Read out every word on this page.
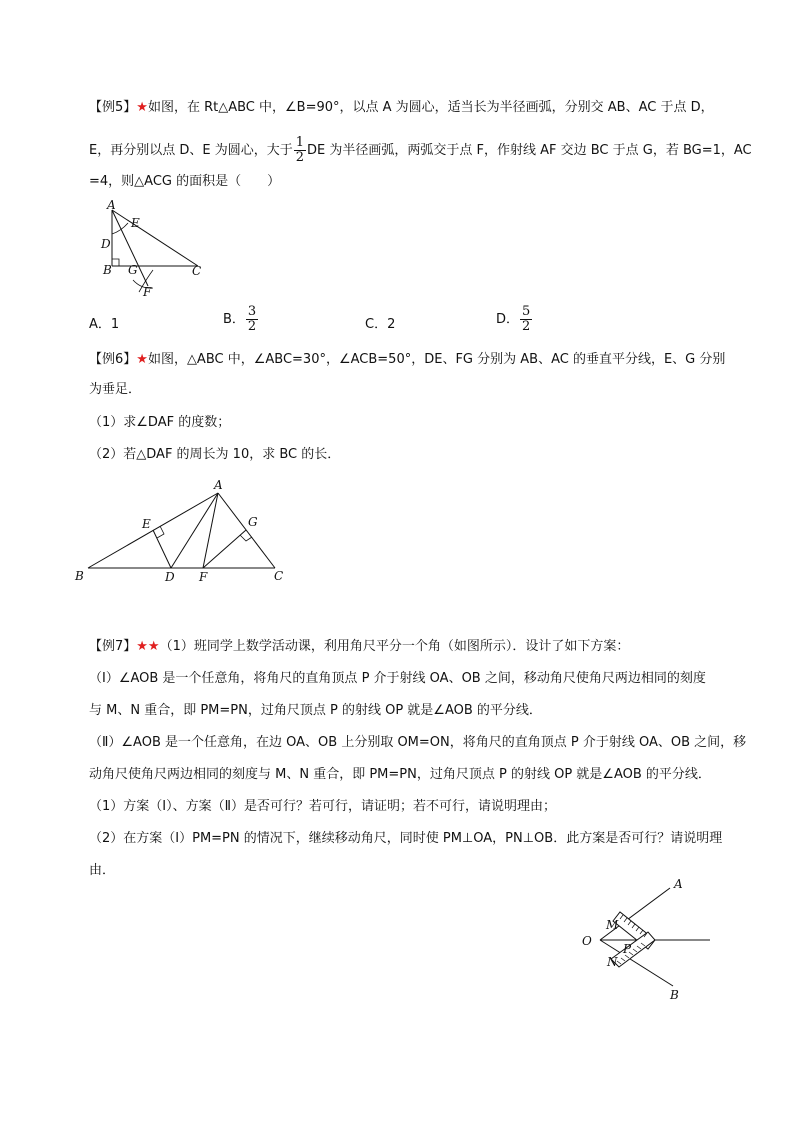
【例5】★如图，在 Rt△ABC 中，∠B=90°，以点 A 为圆心，适当长为半径画弧，分别交 AB、AC 于点 D，
E，再分别以点 D、E 为圆心，大于 $\frac{1}{2}$ DE 为半径画弧，两弧交于点 F，作射线 AF 交边 BC 于点 G，若 BG=1，AC
=4，则△ACG 的面积是（　　）
A
E
D
B G	C
F
A．1	B． $\frac{3}{2}$	C．2	D． $\frac{5}{2}$
【例6】★如图，△ABC 中，∠ABC=30°，∠ACB=50°，DE、FG 分别为 AB、AC 的垂直平分线，E、G 分别
为垂足．
（1）求∠DAF 的度数；
（2）若△DAF 的周长为 10，求 BC 的长．
A
E	G
B	D F	C
【例7】★★（1）班同学上数学活动课，利用角尺平分一个角（如图所示）．设计了如下方案：
（Ⅰ）∠AOB 是一个任意角，将角尺的直角顶点 P 介于射线 OA、OB 之间，移动角尺使角尺两边相同的刻度
与 M、N 重合，即 PM=PN，过角尺顶点 P 的射线 OP 就是∠AOB 的平分线．
（Ⅱ）∠AOB 是一个任意角，在边 OA、OB 上分别取 OM=ON，将角尺的直角顶点 P 介于射线 OA、OB 之间，移
动角尺使角尺两边相同的刻度与 M、N 重合，即 PM=PN，过角尺顶点 P 的射线 OP 就是∠AOB 的平分线．
（1）方案（Ⅰ）、方案（Ⅱ）是否可行？若可行，请证明；若不可行，请说明理由；
（2）在方案（Ⅰ）PM=PN 的情况下，继续移动角尺，同时使 PM⊥OA，PN⊥OB．此方案是否可行？请说明理
由．
A
M
O
P
N
B
